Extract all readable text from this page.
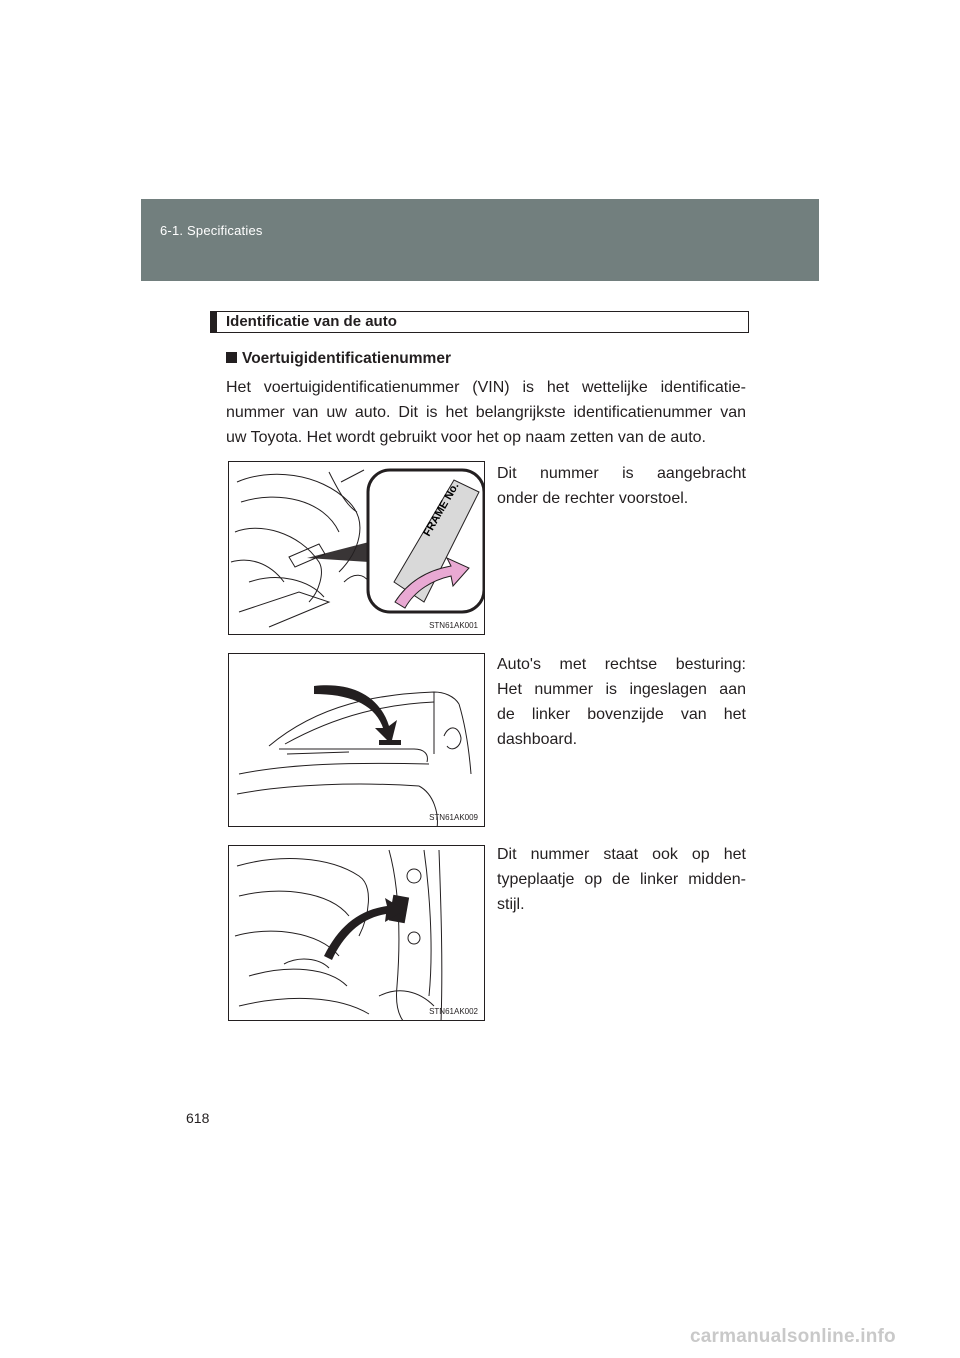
6-1. Specificaties
Identificatie van de auto
Voertuigidentificatienummer
Het voertuigidentificatienummer (VIN) is het wettelijke identificatie-
nummer van uw auto. Dit is het belangrijkste identificatienummer van
uw Toyota. Het wordt gebruikt voor het op naam zetten van de auto.
FRAME No.
STN61AK001
Dit nummer is aangebracht
onder de rechter voorstoel.
STN61AK009
Auto's met rechtse besturing:
Het nummer is ingeslagen aan
de linker bovenzijde van het
dashboard.
STN61AK002
Dit nummer staat ook op het
typeplaatje op de linker midden-
stijl.
618
carmanualsonline.info
